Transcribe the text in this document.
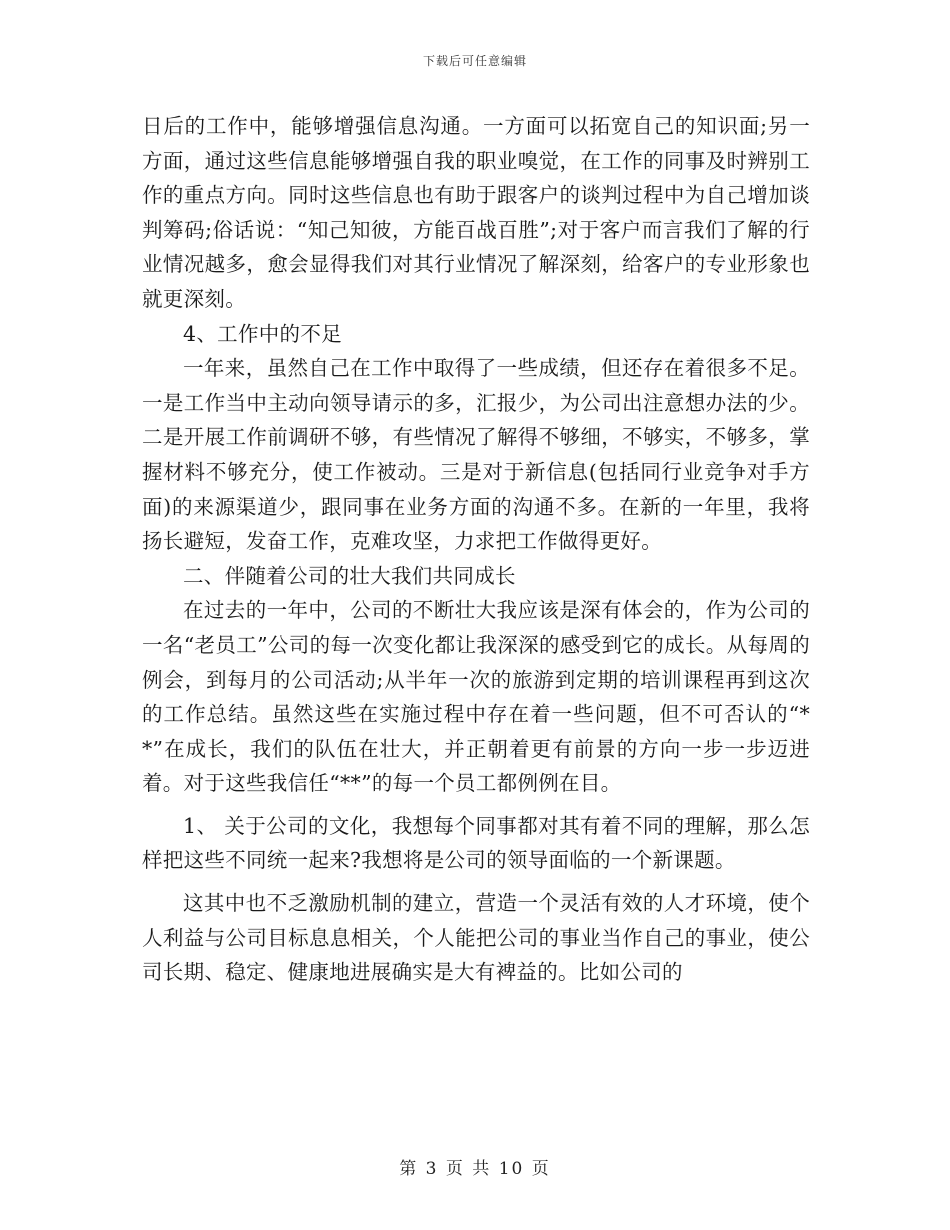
下载后可任意编辑

日后的工作中，能够增强信息沟通。一方面可以拓宽自己的知识面;另一方面，通过这些信息能够增强自我的职业嗅觉，在工作的同事及时辨别工作的重点方向。同时这些信息也有助于跟客户的谈判过程中为自己增加谈判筹码;俗话说：“知己知彼，方能百战百胜”;对于客户而言我们了解的行业情况越多，愈会显得我们对其行业情况了解深刻，给客户的专业形象也就更深刻。

4、工作中的不足

一年来，虽然自己在工作中取得了一些成绩，但还存在着很多不足。一是工作当中主动向领导请示的多，汇报少，为公司出注意想办法的少。二是开展工作前调研不够，有些情况了解得不够细，不够实，不够多，掌握材料不够充分，使工作被动。三是对于新信息(包括同行业竞争对手方面)的来源渠道少，跟同事在业务方面的沟通不多。在新的一年里，我将扬长避短，发奋工作，克难攻坚，力求把工作做得更好。

二、伴随着公司的壮大我们共同成长

在过去的一年中，公司的不断壮大我应该是深有体会的，作为公司的一名“老员工”公司的每一次变化都让我深深的感受到它的成长。从每周的例会，到每月的公司活动;从半年一次的旅游到定期的培训课程再到这次的工作总结。虽然这些在实施过程中存在着一些问题，但不可否认的“**”在成长，我们的队伍在壮大，并正朝着更有前景的方向一步一步迈进着。对于这些我信任“**”的每一个员工都例例在目。

1、 关于公司的文化，我想每个同事都对其有着不同的理解，那么怎样把这些不同统一起来?我想将是公司的领导面临的一个新课题。

这其中也不乏激励机制的建立，营造一个灵活有效的人才环境，使个人利益与公司目标息息相关，个人能把公司的事业当作自己的事业，使公司长期、稳定、健康地进展确实是大有裨益的。比如公司的

第 3 页 共 10 页
